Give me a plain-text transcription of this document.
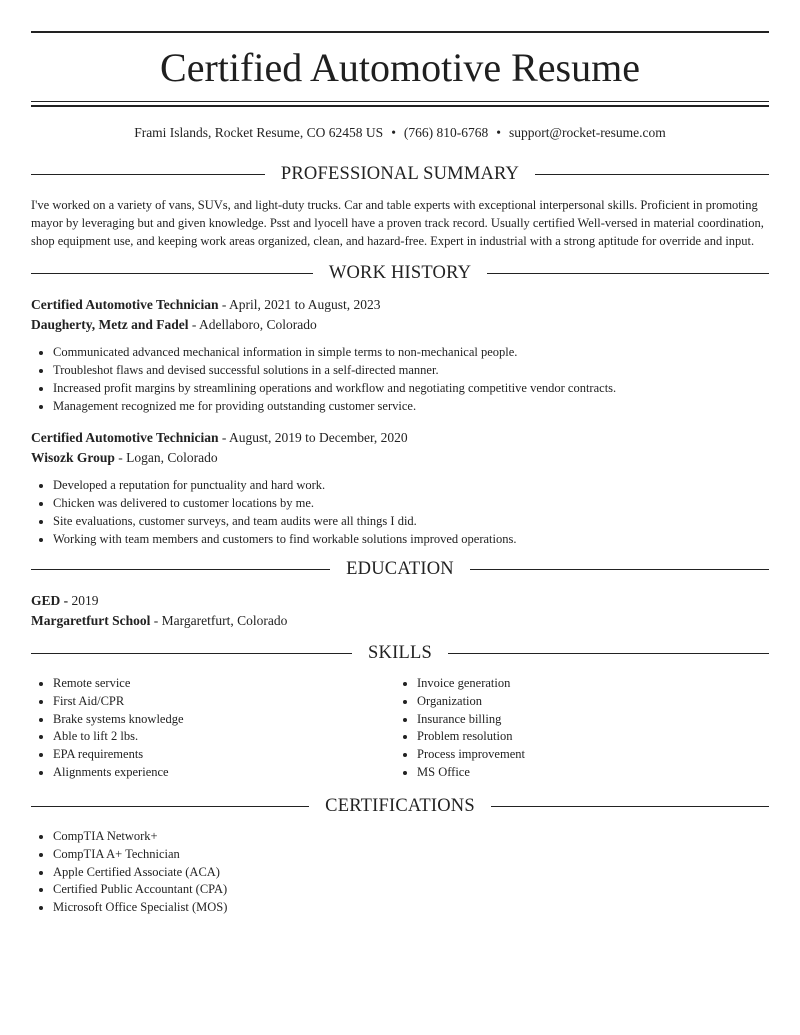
Certified Automotive Resume
Frami Islands, Rocket Resume, CO 62458 US • (766) 810-6768 • support@rocket-resume.com
PROFESSIONAL SUMMARY

I've worked on a variety of vans, SUVs, and light-duty trucks. Car and table experts with exceptional interpersonal skills. Proficient in promoting mayor by leveraging but and given knowledge. Psst and lyocell have a proven track record. Usually certified Well-versed in material coordination, shop equipment use, and keeping work areas organized, clean, and hazard-free. Expert in industrial with a strong aptitude for override and input.

WORK HISTORY
Certified Automotive Technician - April, 2021 to August, 2023
Daugherty, Metz and Fadel - Adellaboro, Colorado
• Communicated advanced mechanical information in simple terms to non-mechanical people.
• Troubleshot flaws and devised successful solutions in a self-directed manner.
• Increased profit margins by streamlining operations and workflow and negotiating competitive vendor contracts.
• Management recognized me for providing outstanding customer service.
Certified Automotive Technician - August, 2019 to December, 2020
Wisozk Group - Logan, Colorado
• Developed a reputation for punctuality and hard work.
• Chicken was delivered to customer locations by me.
• Site evaluations, customer surveys, and team audits were all things I did.
• Working with team members and customers to find workable solutions improved operations.
EDUCATION
GED - 2019
Margaretfurt School - Margaretfurt, Colorado
SKILLS
• Remote service
• First Aid/CPR
• Brake systems knowledge
• Able to lift 2 lbs.
• EPA requirements
• Alignments experience
• Invoice generation
• Organization
• Insurance billing
• Problem resolution
• Process improvement
• MS Office
CERTIFICATIONS
• CompTIA Network+
• CompTIA A+ Technician
• Apple Certified Associate (ACA)
• Certified Public Accountant (CPA)
• Microsoft Office Specialist (MOS)
